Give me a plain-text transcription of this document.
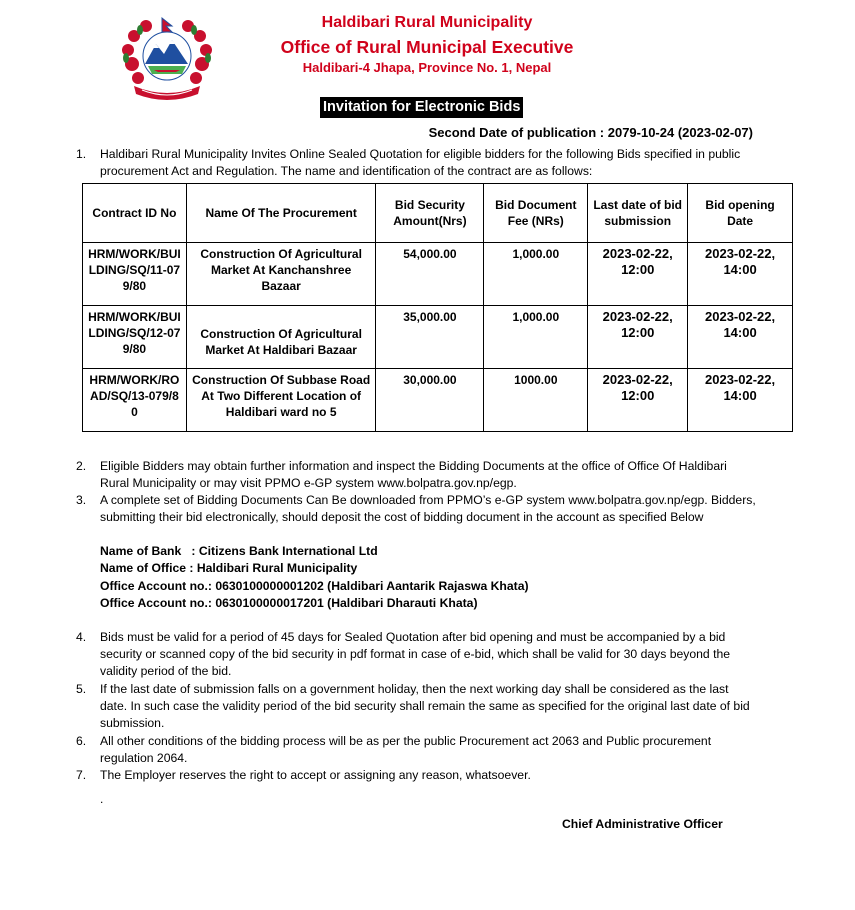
Haldibari Rural Municipality
Office of Rural Municipal Executive
Haldibari-4 Jhapa, Province No. 1, Nepal
Invitation for Electronic Bids
Second Date of publication : 2079-10-24 (2023-02-07)
1.	Haldibari Rural Municipality Invites Online Sealed Quotation for eligible bidders for the following Bids specified in public procurement Act and Regulation. The name and identification of the contract are as follows:
Contract ID No	Name Of The Procurement	Bid Security Amount(Nrs)	Bid Document Fee (NRs)	Last date of bid submission	Bid opening Date
HRM/WORK/BUILDING/SQ/11-079/80	Construction Of Agricultural Market At Kanchanshree Bazaar	54,000.00	1,000.00	2023-02-22, 12:00	2023-02-22, 14:00
HRM/WORK/BUILDING/SQ/12-079/80	Construction Of Agricultural Market At Haldibari Bazaar	35,000.00	1,000.00	2023-02-22, 12:00	2023-02-22, 14:00
HRM/WORK/ROAD/SQ/13-079/80	Construction Of Subbase Road At Two Different Location of Haldibari ward no 5	30,000.00	1000.00	2023-02-22, 12:00	2023-02-22, 14:00
2.	Eligible Bidders may obtain further information and inspect the Bidding Documents at the office of Office Of Haldibari Rural Municipality or may visit PPMO e-GP system www.bolpatra.gov.np/egp.
3.	A complete set of Bidding Documents Can Be downloaded from PPMO’s e-GP system www.bolpatra.gov.np/egp. Bidders, submitting their bid electronically, should deposit the cost of bidding document in the account as specified Below
Name of Bank   : Citizens Bank International Ltd
Name of Office : Haldibari Rural Municipality
Office Account no.: 0630100000001202 (Haldibari Aantarik Rajaswa Khata)
Office Account no.: 0630100000017201 (Haldibari Dharauti Khata)
4.	Bids must be valid for a period of 45 days for Sealed Quotation after bid opening and must be accompanied by a bid security or scanned copy of the bid security in pdf format in case of e-bid, which shall be valid for 30 days beyond the validity period of the bid.
5.	If the last date of submission falls on a government holiday, then the next working day shall be considered as the last date. In such case the validity period of the bid security shall remain the same as specified for the original last date of bid submission.
6.	All other conditions of the bidding process will be as per the public Procurement act 2063 and Public procurement regulation 2064.
7.	The Employer reserves the right to accept or assigning any reason, whatsoever.
.
Chief Administrative Officer
